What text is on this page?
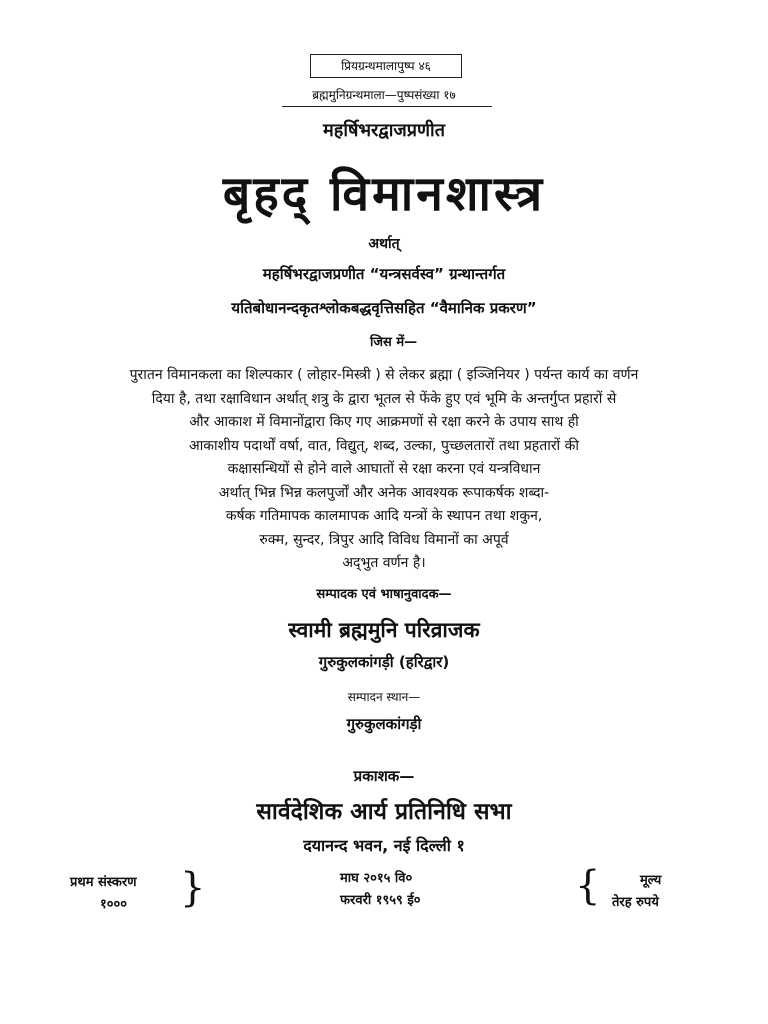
प्रियग्रन्थमालापुष्प ४६
ब्रह्ममुनिग्रन्थमाला—पुष्पसंख्या १७
महर्षिभरद्वाजप्रणीत
बृहद् विमानशास्त्र
अर्थात्
महर्षिभरद्वाजप्रणीत “यन्त्रसर्वस्व” ग्रन्थान्तर्गत
यतिबोधानन्दकृतश्लोकबद्धवृत्तिसहित “वैमानिक प्रकरण”
जिस में—
पुरातन विमानकला का शिल्पकार ( लोहार-मिस्त्री ) से लेकर ब्रह्मा ( इञ्जिनियर ) पर्यन्त कार्य का वर्णन
दिया है, तथा रक्षाविधान अर्थात् शत्रु के द्वारा भूतल से फेंके हुए एवं भूमि के अन्तर्गुप्त प्रहारों से
और आकाश में विमानोंद्वारा किए गए आक्रमणों से रक्षा करने के उपाय साथ ही
आकाशीय पदार्थों वर्षा, वात, विद्युत्, शब्द, उल्का, पुच्छलतारों तथा प्रहतारों की
कक्षासन्धियों से होने वाले आघातों से रक्षा करना एवं यन्त्रविधान
अर्थात् भिन्न भिन्न कलपुर्जों और अनेक आवश्यक रूपाकर्षक शब्दा-
कर्षक गतिमापक कालमापक आदि यन्त्रों के स्थापन तथा शकुन,
रुक्म, सुन्दर, त्रिपुर आदि विविध विमानों का अपूर्व
अद्‌भुत वर्णन है।
सम्पादक एवं भाषानुवादक—
स्वामी ब्रह्ममुनि परिव्राजक
गुरुकुलकांगड़ी (हरिद्वार)
सम्पादन स्थान—
गुरुकुलकांगड़ी
प्रकाशक—
सार्वदेशिक आर्य प्रतिनिधि सभा
दयानन्द भवन, नई दिल्ली १
प्रथम संस्करण
१००० }	माघ २०१५ वि०
फरवरी १९५९ ई०	{	मूल्य
तेरह रुपये
